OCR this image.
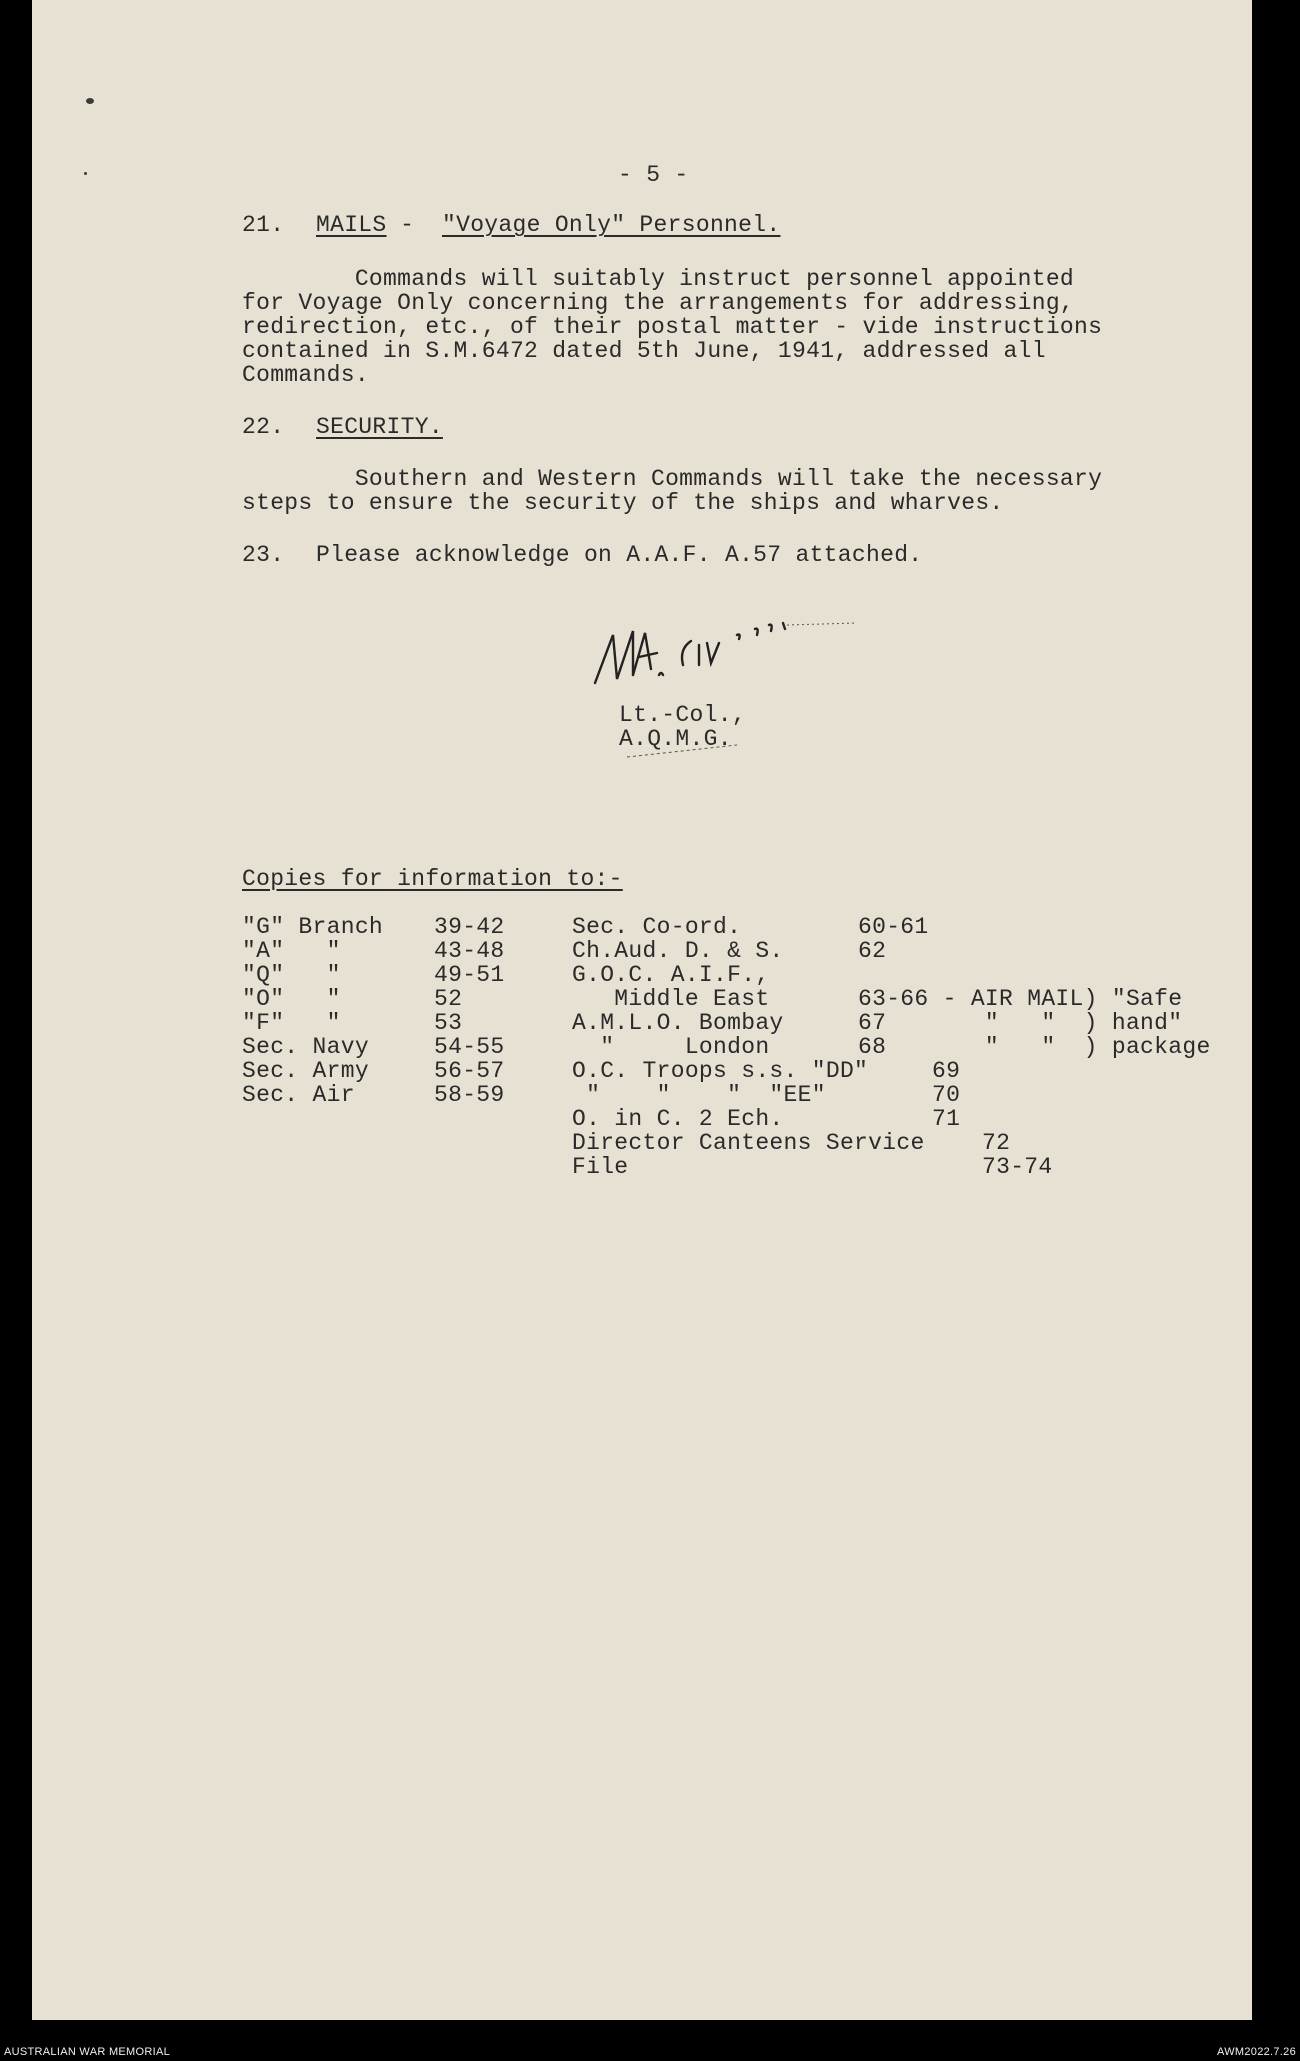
- 5 -
21. MAILS - "Voyage Only" Personnel.
Commands will suitably instruct personnel appointed
for Voyage Only concerning the arrangements for addressing,
redirection, etc., of their postal matter - vide instructions
contained in S.M.6472 dated 5th June, 1941, addressed all
Commands.
22. SECURITY.
Southern and Western Commands will take the necessary
steps to ensure the security of the ships and wharves.
23. Please acknowledge on A.A.F. A.57 attached.
Lt.-Col.,
A.Q.M.G.
Copies for information to:-
"G" Branch 39-42
"A"   "	43-48
"Q"   "	49-51
"O"   "	52
"F"   "	53
Sec. Navy	54-55
Sec. Army	56-57
Sec. Air	58-59
Sec. Co-ord.	60-61
Ch.Aud. D. & S.	62
G.O.C. A.I.F.,
Middle East	63-66 - AIR MAIL) "Safe
A.M.L.O. Bombay	67       "   "  ) hand"
"     London	68       "   "  ) package
O.C. Troops s.s. "DD"	69
"    "    "  "EE"	70
O. in C. 2 Ech.	71
Director Canteens Service 72
File	73-74
AUSTRALIAN WAR MEMORIAL	AWM2022.7.26
